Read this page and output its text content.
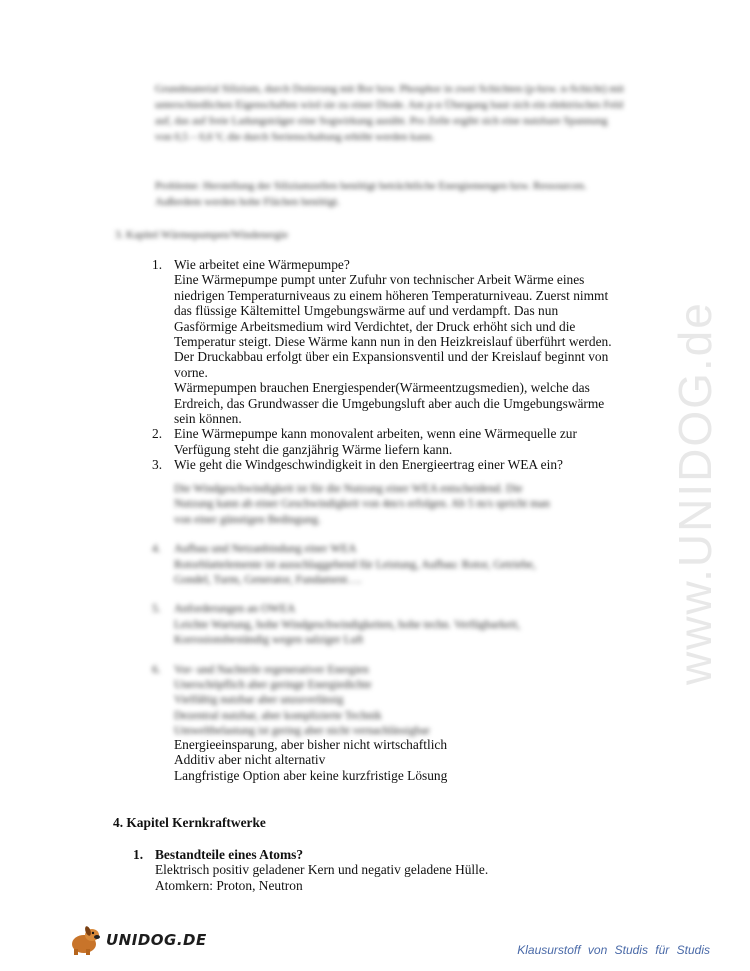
Grundmaterial Silizium, durch Dotierung mit Bor bzw. Phosphor in zwei Schichten (p-bzw. n-Schicht) mit unterschiedlichen Eigenschaften wird sie zu einer Diode. Am p-n Übergang baut sich ein elektrisches Feld auf, das auf freie Ladungsträger eine Sogwirkung ausübt. Pro Zelle ergibt sich eine nutzbare Spannung von 0,5 – 0,6 V, die durch Serienschaltung erhöht werden kann.
Probleme: Herstellung der Siliziumzellen benötigt beträchtliche Energiemengen bzw. Ressourcen. Außerdem werden hohe Flächen benötigt.
3. Kapitel Wärmepumpen/Windenergie
1. Wie arbeitet eine Wärmepumpe?
Eine Wärmepumpe pumpt unter Zufuhr von technischer Arbeit Wärme eines
niedrigen Temperaturniveaus zu einem höheren Temperaturniveau. Zuerst nimmt
das flüssige Kältemittel Umgebungswärme auf und verdampft. Das nun
Gasförmige Arbeitsmedium wird Verdichtet, der Druck erhöht sich und die
Temperatur steigt. Diese Wärme kann nun in den Heizkreislauf überführt werden.
Der Druckabbau erfolgt über ein Expansionsventil und der Kreislauf beginnt von
vorne.
Wärmepumpen brauchen Energiespender(Wärmeentzugsmedien), welche das
Erdreich, das Grundwasser die Umgebungsluft aber auch die Umgebungswärme
sein können.
2. Eine Wärmepumpe kann monovalent arbeiten, wenn eine Wärmequelle zur
Verfügung steht die ganzjährig Wärme liefern kann.
3. Wie geht die Windgeschwindigkeit in den Energieertrag einer WEA ein?
Die Windgeschwindigkeit ist für die Nutzung einer WEA entscheidend. Die
Nutzung kann ab einer Geschwindigkeit von 4m/s erfolgen. Ab 5 m/s spricht man
von einer günstigen Bedingung.
4.	Aufbau und Netzanbindung einer WEA
Rotorblattelemente ist ausschlaggebend für Leistung, Aufbau: Rotor, Getriebe,
Gondel, Turm, Generator, Fundament….
5.	Anforderungen an OWEA
Leichte Wartung, hohe Windgeschwindigkeiten, hohe techn. Verfügbarkeit,
Korrosionsbeständig wegen salziger Luft
6.	Vor- und Nachteile regenerativer Energien
Unerschöpflich aber geringe Energiedichte
Vielfältig nutzbar aber unzuverlässig
Dezentral nutzbar, aber komplizierte Technik
Umweltbelastung ist gering aber nicht vernachlässigbar
Energieeinsparung, aber bisher nicht wirtschaftlich
Additiv aber nicht alternativ
Langfristige Option aber keine kurzfristige Lösung
4. Kapitel Kernkraftwerke
1. Bestandteile eines Atoms?
Elektrisch positiv geladener Kern und negativ geladene Hülle.
Atomkern: Proton, Neutron
www.UNIDOG.de
UNIDOG.DE
Klausurstoff von Studis für Studis
